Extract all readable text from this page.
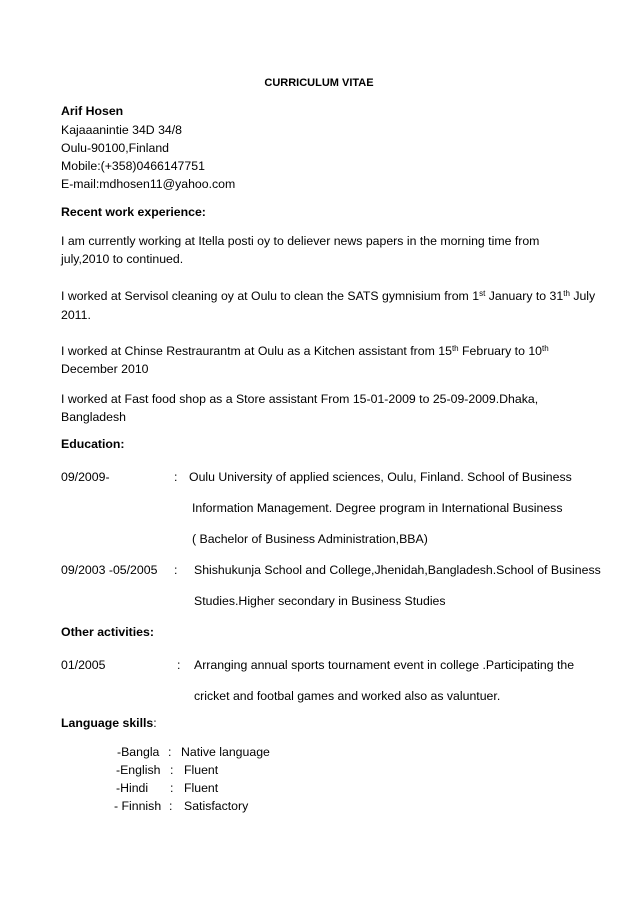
CURRICULUM VITAE
Arif Hosen
Kajaaanintie 34D 34/8
Oulu-90100,Finland
Mobile:(+358)0466147751
E-mail:mdhosen11@yahoo.com
Recent work experience:
I am currently working at Itella posti oy to deliever news papers in the morning time from
july,2010 to continued.
I worked at Servisol cleaning oy at Oulu to clean the SATS gymnisium from 1st January to 31th July
2011.
I worked at Chinse Restraurantm at Oulu as a Kitchen assistant from 15th February to 10th
December 2010
I worked at Fast food shop as a Store assistant From 15-01-2009 to 25-09-2009.Dhaka,
Bangladesh
Education:
09/2009-	: Oulu University of applied sciences, Oulu, Finland. School of Business
Information Management. Degree program in International Business
( Bachelor of Business Administration,BBA)
09/2003 -05/2005 : Shishukunja School and College,Jhenidah,Bangladesh.School of Business
Studies.Higher secondary in Business Studies
Other activities:
01/2005	: Arranging annual sports tournament event in college .Participating the
cricket and footbal games and worked also as valuntuer.
Language skills:
-Bangla : Native language
-English : Fluent
-Hindi : Fluent
- Finnish : Satisfactory
